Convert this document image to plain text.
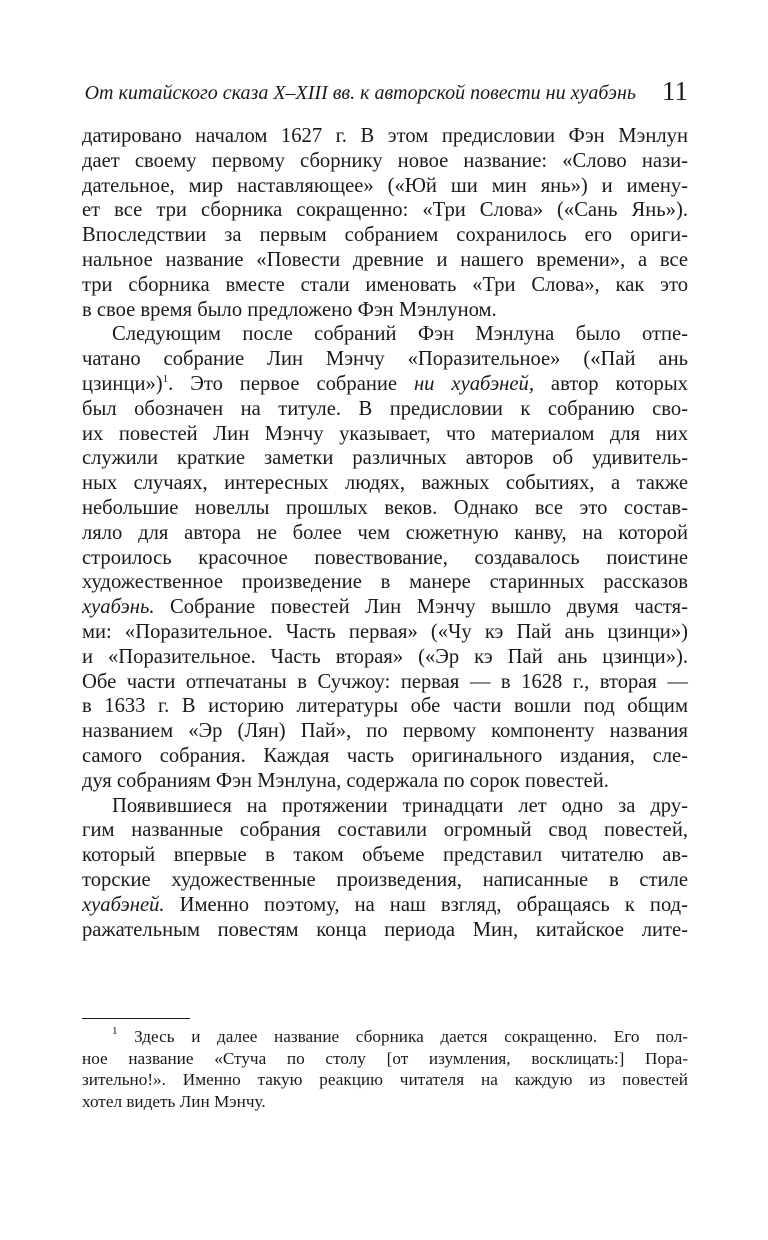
От китайского сказа X–XIII вв. к авторской повести ни хуабэнь 11
датировано началом 1627 г. В этом предисловии Фэн Мэнлун
дает своему первому сборнику новое название: «Слово нази-
дательное, мир наставляющее» («Юй ши мин янь») и имену-
ет все три сборника сокращенно: «Три Слова» («Сань Янь»).
Впоследствии за первым собранием сохранилось его ориги-
нальное название «Повести древние и нашего времени», а все
три сборника вместе стали именовать «Три Слова», как это
в свое время было предложено Фэн Мэнлуном.
Следующим после собраний Фэн Мэнлуна было отпе-
чатано собрание Лин Мэнчу «Поразительное» («Пай ань
цзинци»)$^1$. Это первое собрание ни хуабэней, автор которых
был обозначен на титуле. В предисловии к собранию сво-
их повестей Лин Мэнчу указывает, что материалом для них
служили краткие заметки различных авторов об удивитель-
ных случаях, интересных людях, важных событиях, а также
небольшие новеллы прошлых веков. Однако все это состав-
ляло для автора не более чем сюжетную канву, на которой
строилось красочное повествование, создавалось поистине
художественное произведение в манере старинных рассказов
хуабэнь. Собрание повестей Лин Мэнчу вышло двумя частя-
ми: «Поразительное. Часть первая» («Чу кэ Пай ань цзинци»)
и «Поразительное. Часть вторая» («Эр кэ Пай ань цзинци»).
Обе части отпечатаны в Сучжоу: первая — в 1628 г., вторая —
в 1633 г. В историю литературы обе части вошли под общим
названием «Эр (Лян) Пай», по первому компоненту названия
самого собрания. Каждая часть оригинального издания, сле-
дуя собраниям Фэн Мэнлуна, содержала по сорок повестей.
Появившиеся на протяжении тринадцати лет одно за дру-
гим названные собрания составили огромный свод повестей,
который впервые в таком объеме представил читателю ав-
торские художественные произведения, написанные в стиле
хуабэней. Именно поэтому, на наш взгляд, обращаясь к под-
ражательным повестям конца периода Мин, китайское лите-
$^1$ Здесь и далее название сборника дается сокращенно. Его пол-
ное название «Стуча по столу [от изумления, восклицать:] Пора-
зительно!». Именно такую реакцию читателя на каждую из повестей
хотел видеть Лин Мэнчу.
